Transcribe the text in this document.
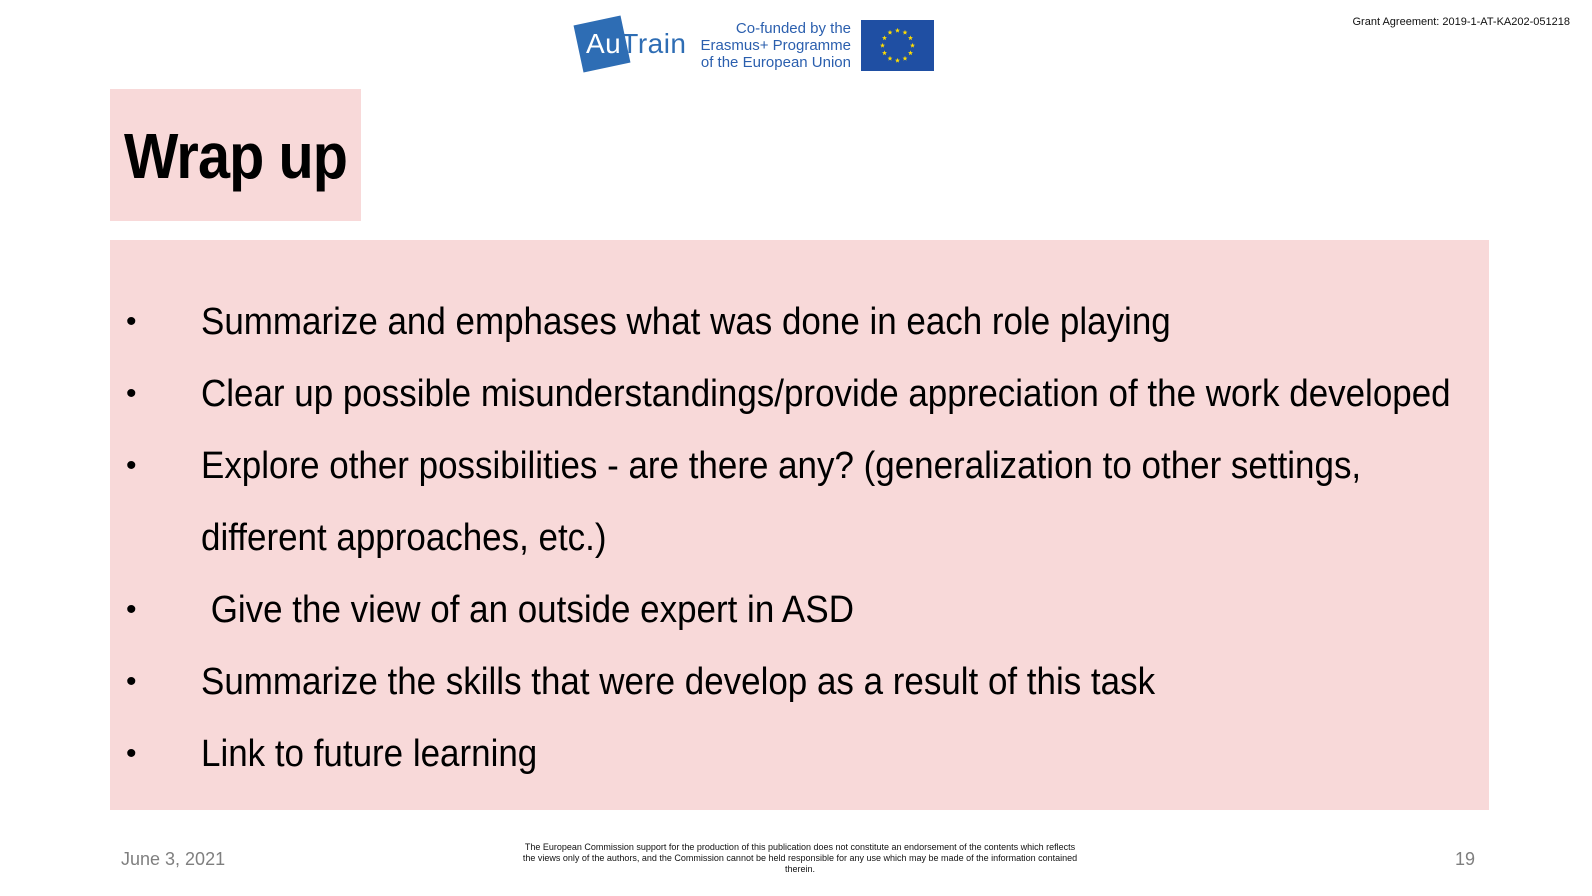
AuTrain	Co-funded by the
Erasmus+ Programme
of the European Union
Grant Agreement: 2019-1-AT-KA202-051218
Wrap up
• Summarize and emphases what was done in each role playing
• Clear up possible misunderstandings/provide appreciation of the work developed
• Explore other possibilities - are there any? (generalization to other settings, different approaches, etc.)
• Give the view of an outside expert in ASD
• Summarize the skills that were develop as a result of this task
• Link to future learning
June 3, 2021
The European Commission support for the production of this publication does not constitute an endorsement of the contents which reflects the views only of the authors, and the Commission cannot be held responsible for any use which may be made of the information contained therein.	19
